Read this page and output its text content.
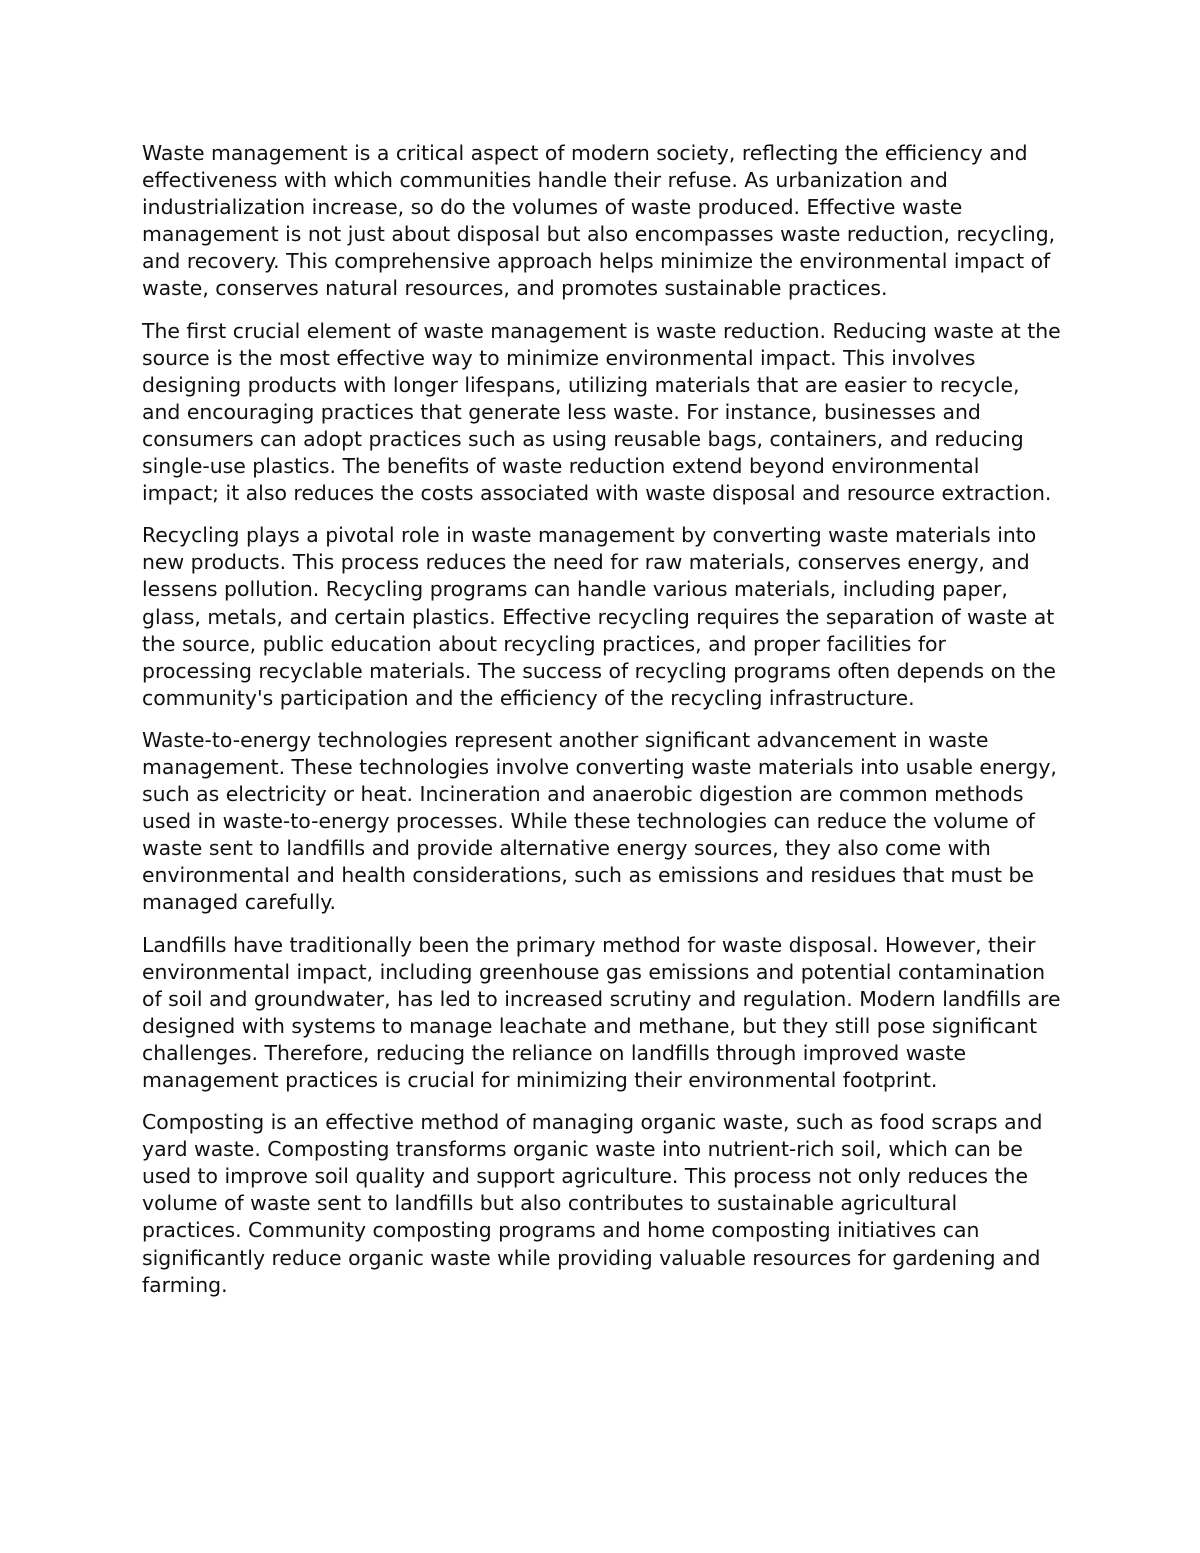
Waste management is a critical aspect of modern society, reflecting the efficiency and effectiveness with which communities handle their refuse. As urbanization and industrialization increase, so do the volumes of waste produced. Effective waste management is not just about disposal but also encompasses waste reduction, recycling, and recovery. This comprehensive approach helps minimize the environmental impact of waste, conserves natural resources, and promotes sustainable practices.

The first crucial element of waste management is waste reduction. Reducing waste at the source is the most effective way to minimize environmental impact. This involves designing products with longer lifespans, utilizing materials that are easier to recycle, and encouraging practices that generate less waste. For instance, businesses and consumers can adopt practices such as using reusable bags, containers, and reducing single-use plastics. The benefits of waste reduction extend beyond environmental impact; it also reduces the costs associated with waste disposal and resource extraction.

Recycling plays a pivotal role in waste management by converting waste materials into new products. This process reduces the need for raw materials, conserves energy, and lessens pollution. Recycling programs can handle various materials, including paper, glass, metals, and certain plastics. Effective recycling requires the separation of waste at the source, public education about recycling practices, and proper facilities for processing recyclable materials. The success of recycling programs often depends on the community's participation and the efficiency of the recycling infrastructure.

Waste-to-energy technologies represent another significant advancement in waste management. These technologies involve converting waste materials into usable energy, such as electricity or heat. Incineration and anaerobic digestion are common methods used in waste-to-energy processes. While these technologies can reduce the volume of waste sent to landfills and provide alternative energy sources, they also come with environmental and health considerations, such as emissions and residues that must be managed carefully.

Landfills have traditionally been the primary method for waste disposal. However, their environmental impact, including greenhouse gas emissions and potential contamination of soil and groundwater, has led to increased scrutiny and regulation. Modern landfills are designed with systems to manage leachate and methane, but they still pose significant challenges. Therefore, reducing the reliance on landfills through improved waste management practices is crucial for minimizing their environmental footprint.

Composting is an effective method of managing organic waste, such as food scraps and yard waste. Composting transforms organic waste into nutrient-rich soil, which can be used to improve soil quality and support agriculture. This process not only reduces the volume of waste sent to landfills but also contributes to sustainable agricultural practices. Community composting programs and home composting initiatives can significantly reduce organic waste while providing valuable resources for gardening and farming.
